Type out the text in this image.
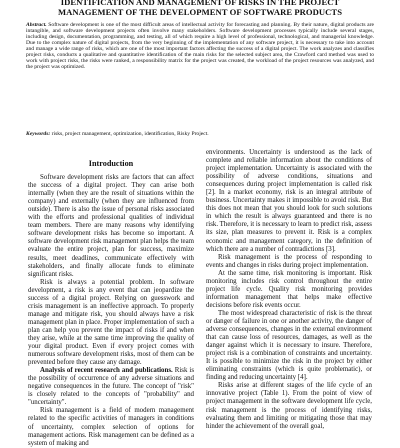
IDENTIFICATION AND MANAGEMENT OF RISKS IN THE PROJECT
MANAGEMENT OF THE DEVELOPMENT OF SOFTWARE PRODUCTS
Abstract. Software development is one of the most difficult areas of intellectual activity for forecasting and planning. By their nature, digital products are intangible, and software development projects often involve many stakeholders. Software development processes typically include several stages, including design, documentation, programming, and testing, all of which require a high level of professional, technological, and managerial knowledge. Due to the complex nature of digital projects, from the very beginning of the implementation of any software project, it is necessary to take into account and manage a wide range of risks, which are one of the most important factors affecting the success of a digital project. The work analyzes and classifies project risks, conducts a qualitative and quantitative identification of the main risks for the selected subject area, the Crawford card method was used to work with project risks, the risks were ranked, a responsibility matrix for the project was created, the workload of the project resources was analyzed, and the project was optimized.
Keywords: risks, project management, optimization, identification, Risky Project.
Introduction

Software development risks are factors that can affect the success of a digital project. They can arise both internally (when they are the result of situations within the company) and externally (when they are influenced from outside). There is also the issue of personal risks associated with the efforts and professional qualities of individual team members. There are many reasons why identifying software development risks has become so important. A software development risk management plan helps the team evaluate the entire project, plan for success, maximize results, meet deadlines, communicate effectively with stakeholders, and finally allocate funds to eliminate significant risks.

Risk is always a potential problem. In software development, a risk is any event that can jeopardize the success of a digital project. Relying on guesswork and crisis management is an ineffective approach. To properly manage and mitigate risk, you should always have a risk management plan in place. Proper implementation of such a plan can help you prevent the impact of risks if and when they arise, while at the same time improving the quality of your digital product. Even if every project comes with numerous software development risks, most of them can be prevented before they cause any damage.

Analysis of recent research and publications. Risk is the possibility of occurrence of any adverse situations and negative consequences in the future. The concept of "risk" is closely related to the concepts of "probability" and "uncertainty".

Risk management is a field of modern management related to the specific activities of managers in conditions of uncertainty, complex selection of options for management actions. Risk management can be defined as a system of making and

environments. Uncertainty is understood as the lack of complete and reliable information about the conditions of project implementation. Uncertainty is associated with the possibility of adverse conditions, situations and consequences during project implementation is called risk [2]. In a market economy, risk is an integral attribute of business. Uncertainty makes it impossible to avoid risk. But this does not mean that you should look for such solutions in which the result is always guaranteed and there is no risk. Therefore, it is necessary to learn to predict risk, assess its size, plan measures to prevent it. Risk is a complex economic and management category, in the definition of which there are a number of contradictions [3].

Risk management is the process of responding to events and changes in risks during project implementation.

At the same time, risk monitoring is important. Risk monitoring includes risk control throughout the entire project life cycle. Quality risk monitoring provides information management that helps make effective decisions before risk events occur.

The most widespread characteristic of risk is the threat or danger of failure in one or another activity, the danger of adverse consequences, changes in the external environment that can cause loss of resources, damages, as well as the danger against which it is necessary to insure. Therefore, project risk is a combination of constraints and uncertainty. It is possible to minimize the risk in the project by either eliminating constraints (which is quite problematic), or finding and reducing uncertainty [4].

Risks arise at different stages of the life cycle of an innovative project (Table 1). From the point of view of project management in the software development life cycle, risk management is the process of identifying risks, evaluating them and limiting or mitigating those that may hinder the achievement of the overall goal,
